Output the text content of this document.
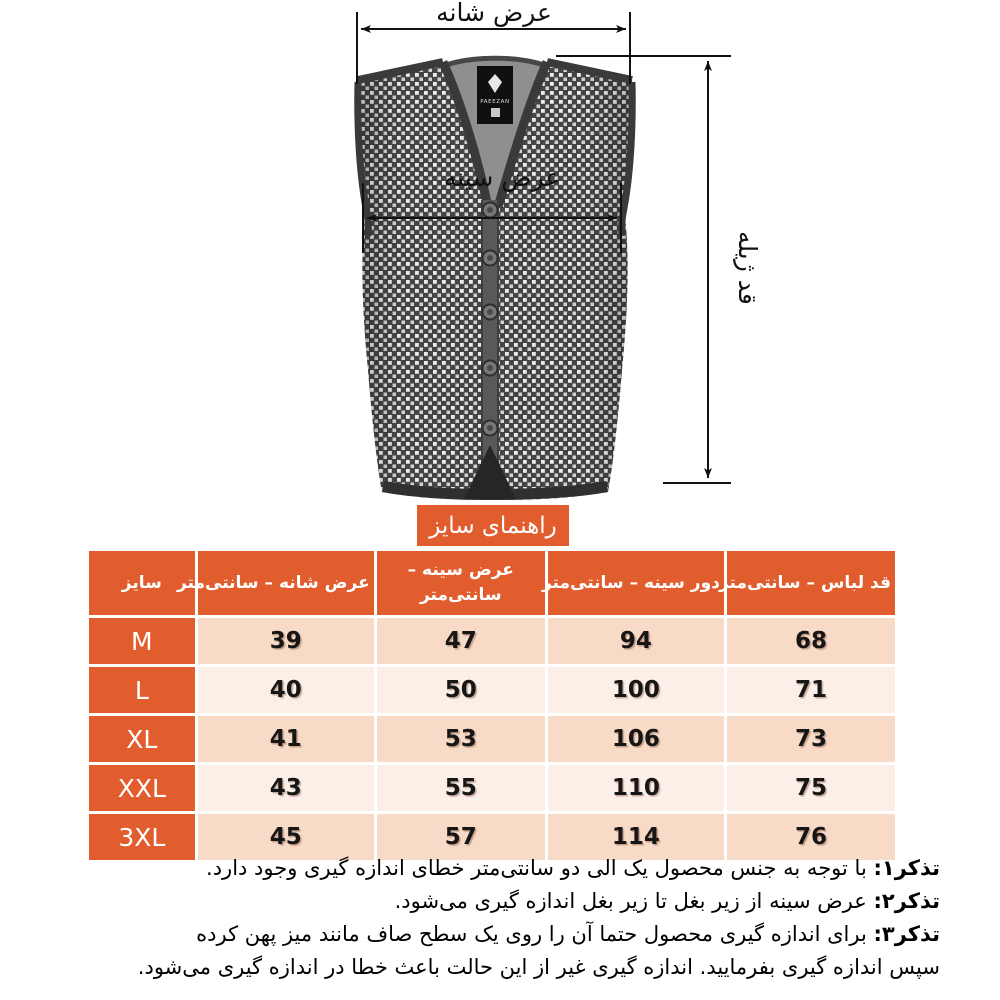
PAEEZAN
عرض شانه
عرض سینه
قد ژیله
راهنمای سایز
سایز	عرض شانه – سانتی‌متر	عرض سینه – سانتی‌متر	دور سینه – سانتی‌متر	قد لباس – سانتی‌متر
M	39	47	94	68
L	40	50	100	71
XL	41	53	106	73
XXL	43	55	110	75
3XL	45	57	114	76
تذکر۱: با توجه به جنس محصول یک الی دو سانتی‌متر خطای اندازه گیری وجود دارد.
تذکر۲: عرض سینه از زیر بغل تا زیر بغل اندازه گیری می‌شود.
تذکر۳: برای اندازه گیری محصول حتما آن را روی یک سطح صاف مانند میز پهن کرده
سپس اندازه گیری بفرمایید. اندازه گیری غیر از این حالت باعث خطا در اندازه گیری می‌شود.
